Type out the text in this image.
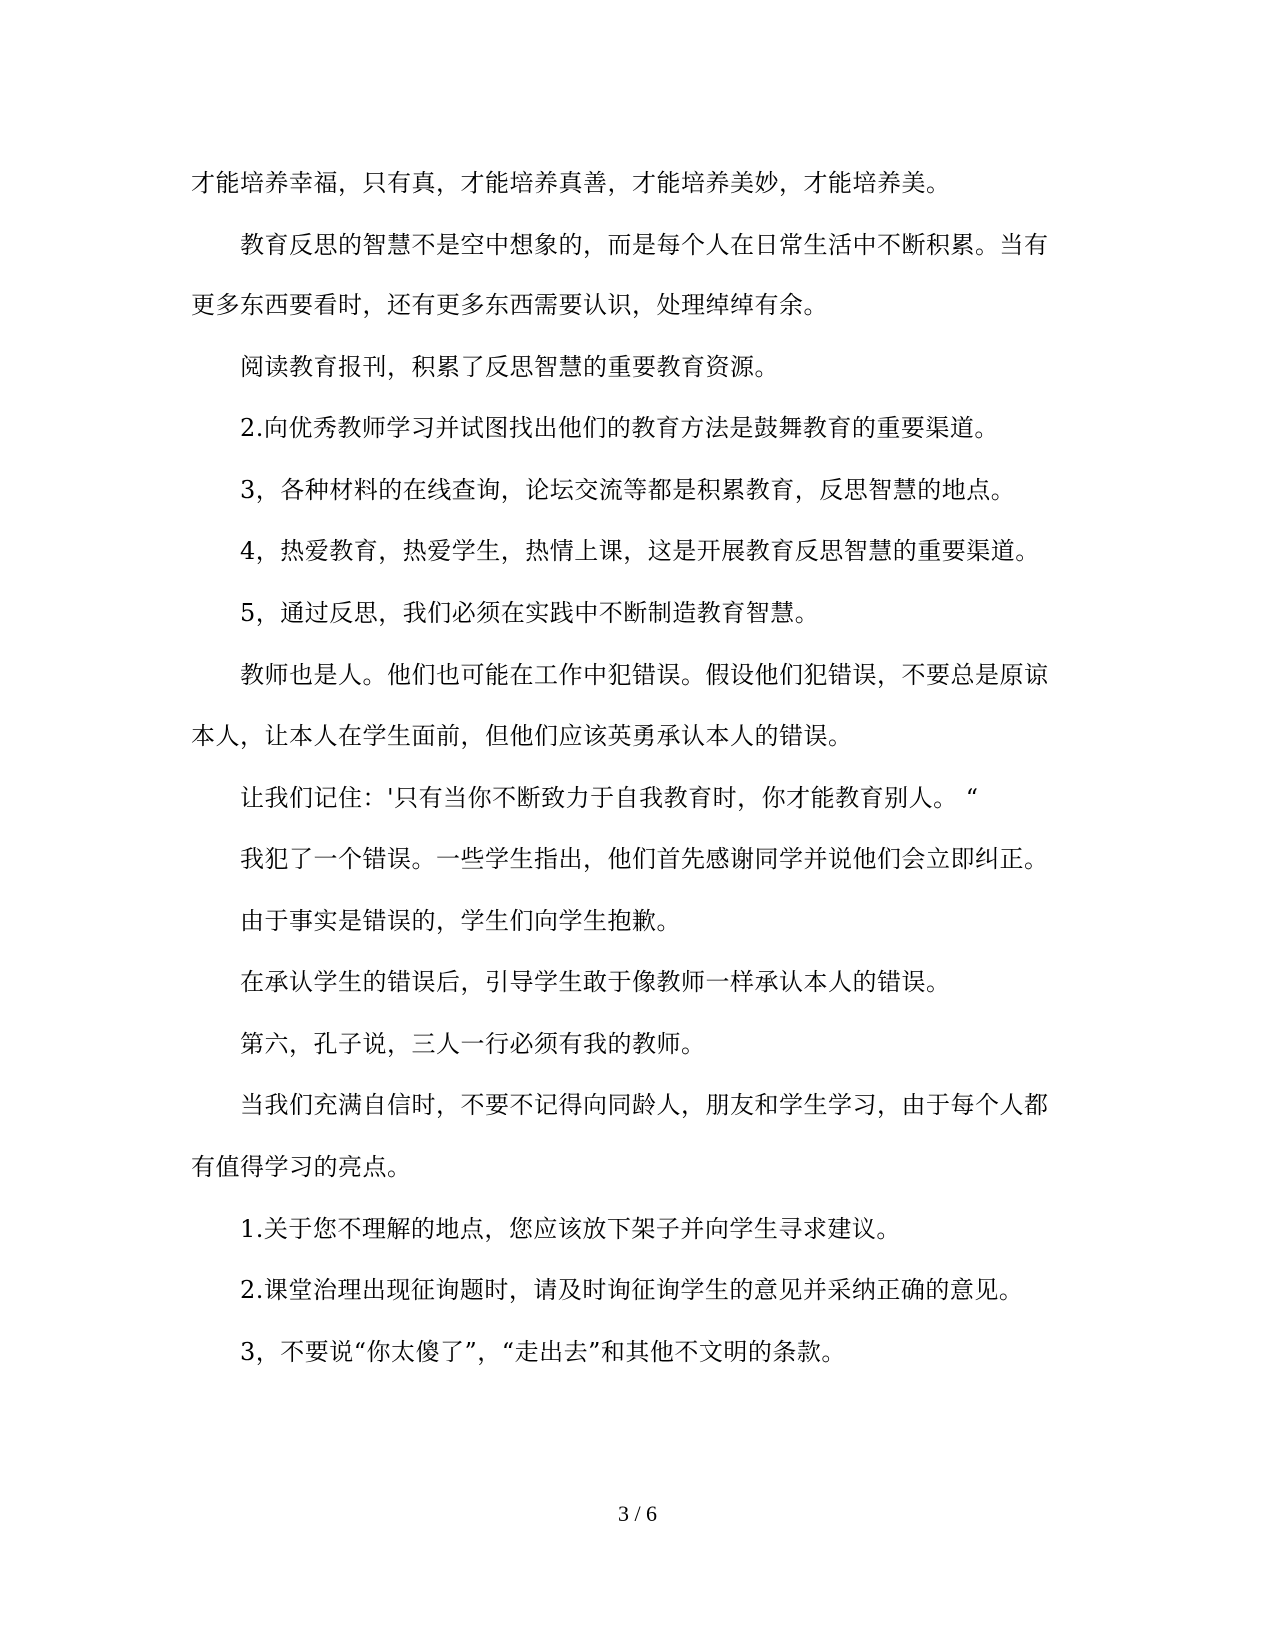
才能培养幸福，只有真，才能培养真善，才能培养美妙，才能培养美。
教育反思的智慧不是空中想象的，而是每个人在日常生活中不断积累。当有
更多东西要看时，还有更多东西需要认识，处理绰绰有余。
阅读教育报刊，积累了反思智慧的重要教育资源。
2.向优秀教师学习并试图找出他们的教育方法是鼓舞教育的重要渠道。
3，各种材料的在线查询，论坛交流等都是积累教育，反思智慧的地点。
4，热爱教育，热爱学生，热情上课，这是开展教育反思智慧的重要渠道。
5，通过反思，我们必须在实践中不断制造教育智慧。
教师也是人。他们也可能在工作中犯错误。假设他们犯错误，不要总是原谅
本人，让本人在学生面前，但他们应该英勇承认本人的错误。
让我们记住：'只有当你不断致力于自我教育时，你才能教育别人。 “
我犯了一个错误。一些学生指出，他们首先感谢同学并说他们会立即纠正。
由于事实是错误的，学生们向学生抱歉。
在承认学生的错误后，引导学生敢于像教师一样承认本人的错误。
第六，孔子说，三人一行必须有我的教师。
当我们充满自信时，不要不记得向同龄人，朋友和学生学习，由于每个人都
有值得学习的亮点。
1.关于您不理解的地点，您应该放下架子并向学生寻求建议。
2.课堂治理出现征询题时，请及时询征询学生的意见并采纳正确的意见。
3，不要说“你太傻了”，“走出去”和其他不文明的条款。
3 / 6
